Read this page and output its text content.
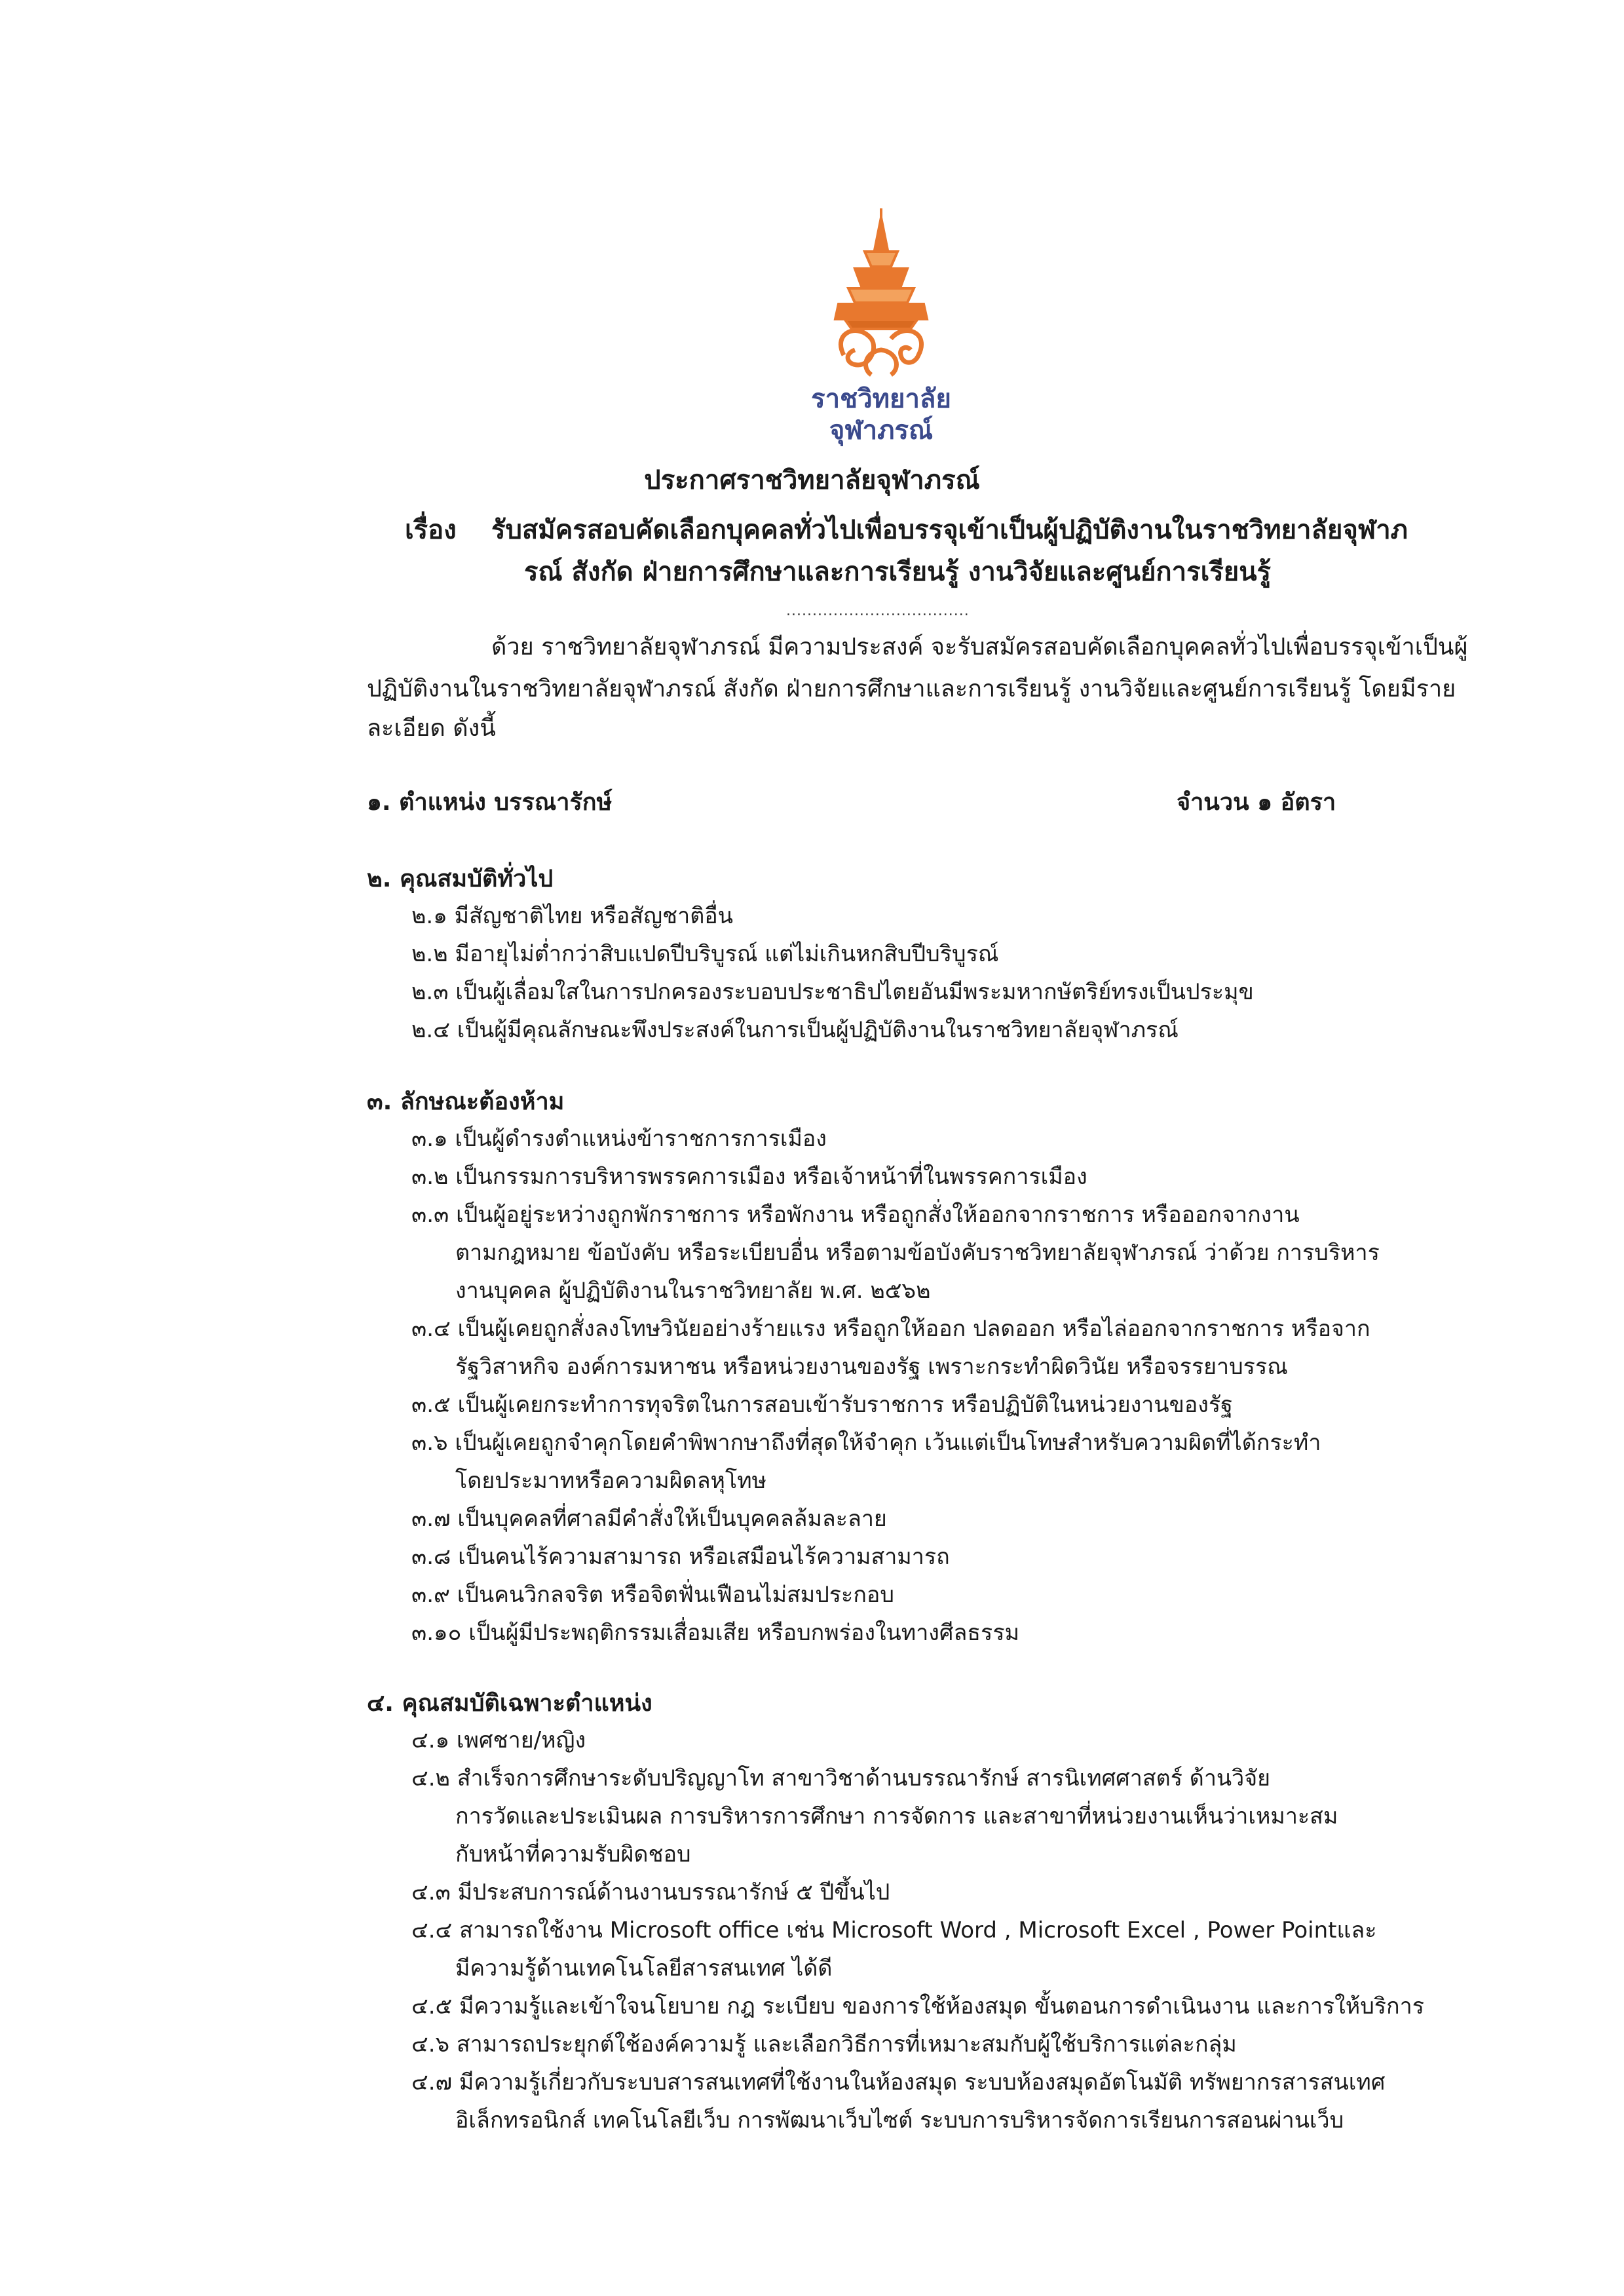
ราชวิทยาลัย
จุฬาภรณ์
ประกาศราชวิทยาลัยจุฬาภรณ์
เรื่อง รับสมัครสอบคัดเลือกบุคคลทั่วไปเพื่อบรรจุเข้าเป็นผู้ปฏิบัติงานในราชวิทยาลัยจุฬาภ
รณ์ สังกัด ฝ่ายการศึกษาและการเรียนรู้ งานวิจัยและศูนย์การเรียนรู้
...................................
ด้วย ราชวิทยาลัยจุฬาภรณ์ มีความประสงค์ จะรับสมัครสอบคัดเลือกบุคคลทั่วไปเพื่อบรรจุเข้าเป็นผู้
ปฏิบัติงานในราชวิทยาลัยจุฬาภรณ์ สังกัด ฝ่ายการศึกษาและการเรียนรู้ งานวิจัยและศูนย์การเรียนรู้ โดยมีราย
ละเอียด ดังนี้
๑. ตำแหน่ง บรรณารักษ์	จำนวน ๑ อัตรา
๒. คุณสมบัติทั่วไป
๒.๑ มีสัญชาติไทย หรือสัญชาติอื่น
๒.๒ มีอายุไม่ต่ำกว่าสิบแปดปีบริบูรณ์ แต่ไม่เกินหกสิบปีบริบูรณ์
๒.๓ เป็นผู้เลื่อมใสในการปกครองระบอบประชาธิปไตยอันมีพระมหากษัตริย์ทรงเป็นประมุข
๒.๔ เป็นผู้มีคุณลักษณะพึงประสงค์ในการเป็นผู้ปฏิบัติงานในราชวิทยาลัยจุฬาภรณ์
๓. ลักษณะต้องห้าม
๓.๑ เป็นผู้ดำรงตำแหน่งข้าราชการการเมือง
๓.๒ เป็นกรรมการบริหารพรรคการเมือง หรือเจ้าหน้าที่ในพรรคการเมือง
๓.๓ เป็นผู้อยู่ระหว่างถูกพักราชการ หรือพักงาน หรือถูกสั่งให้ออกจากราชการ หรือออกจากงาน
ตามกฎหมาย ข้อบังคับ หรือระเบียบอื่น หรือตามข้อบังคับราชวิทยาลัยจุฬาภรณ์ ว่าด้วย การบริหาร
งานบุคคล ผู้ปฏิบัติงานในราชวิทยาลัย พ.ศ. ๒๕๖๒
๓.๔ เป็นผู้เคยถูกสั่งลงโทษวินัยอย่างร้ายแรง หรือถูกให้ออก ปลดออก หรือไล่ออกจากราชการ หรือจาก
รัฐวิสาหกิจ องค์การมหาชน หรือหน่วยงานของรัฐ เพราะกระทำผิดวินัย หรือจรรยาบรรณ
๓.๕ เป็นผู้เคยกระทำการทุจริตในการสอบเข้ารับราชการ หรือปฏิบัติในหน่วยงานของรัฐ
๓.๖ เป็นผู้เคยถูกจำคุกโดยคำพิพากษาถึงที่สุดให้จำคุก เว้นแต่เป็นโทษสำหรับความผิดที่ได้กระทำ
โดยประมาทหรือความผิดลหุโทษ
๓.๗ เป็นบุคคลที่ศาลมีคำสั่งให้เป็นบุคคลล้มละลาย
๓.๘ เป็นคนไร้ความสามารถ หรือเสมือนไร้ความสามารถ
๓.๙ เป็นคนวิกลจริต หรือจิตฟั่นเฟือนไม่สมประกอบ
๓.๑๐ เป็นผู้มีประพฤติกรรมเสื่อมเสีย หรือบกพร่องในทางศีลธรรม
๔. คุณสมบัติเฉพาะตำแหน่ง
๔.๑ เพศชาย/หญิง
๔.๒ สำเร็จการศึกษาระดับปริญญาโท สาขาวิชาด้านบรรณารักษ์ สารนิเทศศาสตร์ ด้านวิจัย
การวัดและประเมินผล การบริหารการศึกษา การจัดการ และสาขาที่หน่วยงานเห็นว่าเหมาะสม
กับหน้าที่ความรับผิดชอบ
๔.๓ มีประสบการณ์ด้านงานบรรณารักษ์ ๕ ปีขึ้นไป
๔.๔ สามารถใช้งาน Microsoft office เช่น Microsoft Word , Microsoft Excel , Power Pointและ
มีความรู้ด้านเทคโนโลยีสารสนเทศ ได้ดี
๔.๕ มีความรู้และเข้าใจนโยบาย กฎ ระเบียบ ของการใช้ห้องสมุด ขั้นตอนการดำเนินงาน และการให้บริการ
๔.๖ สามารถประยุกต์ใช้องค์ความรู้ และเลือกวิธีการที่เหมาะสมกับผู้ใช้บริการแต่ละกลุ่ม
๔.๗ มีความรู้เกี่ยวกับระบบสารสนเทศที่ใช้งานในห้องสมุด ระบบห้องสมุดอัตโนมัติ ทรัพยากรสารสนเทศ
อิเล็กทรอนิกส์ เทคโนโลยีเว็บ การพัฒนาเว็บไซต์ ระบบการบริหารจัดการเรียนการสอนผ่านเว็บ
